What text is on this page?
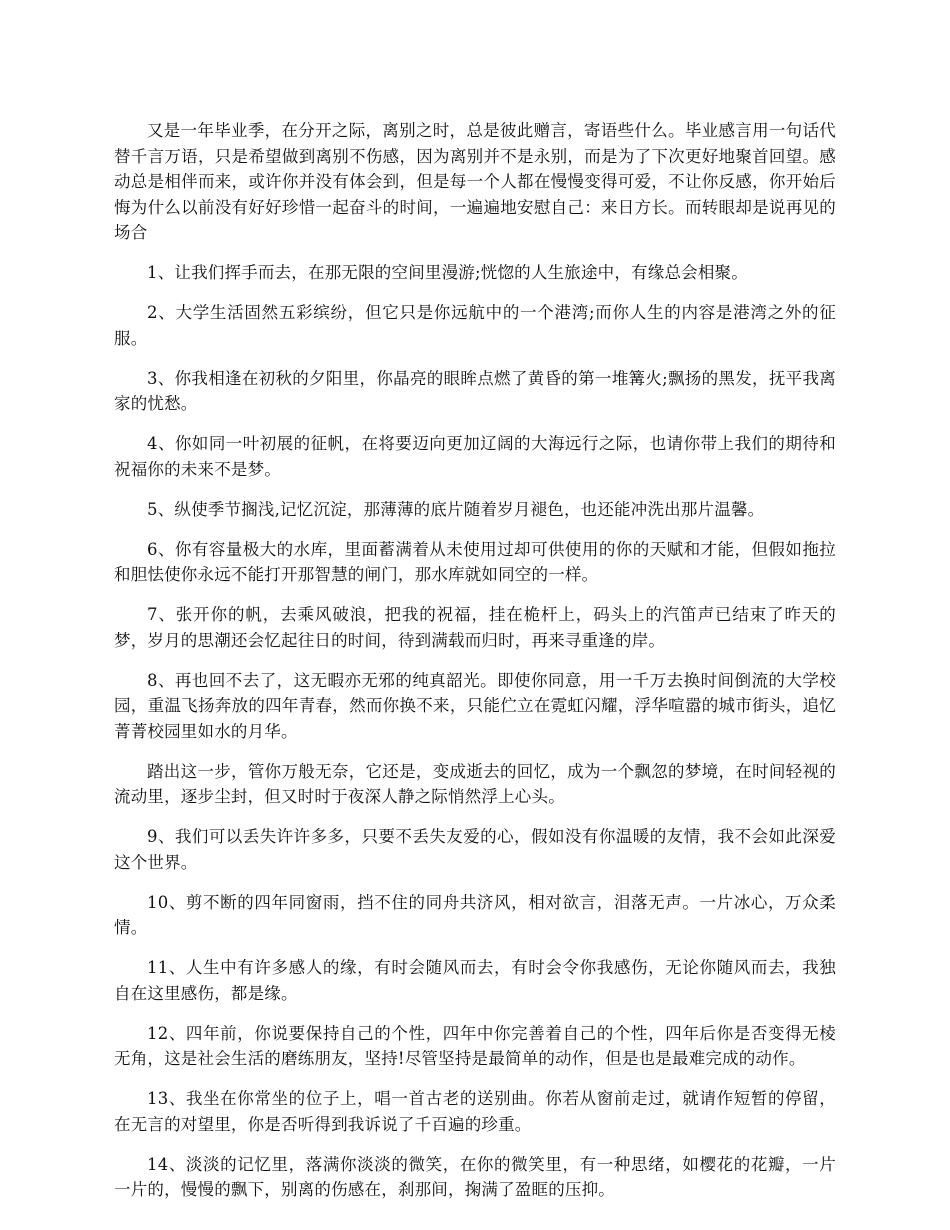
又是一年毕业季，在分开之际，离别之时，总是彼此赠言，寄语些什么。毕业感言用一句话代替千言万语，只是希望做到离别不伤感，因为离别并不是永别，而是为了下次更好地聚首回望。感动总是相伴而来，或许你并没有体会到，但是每一个人都在慢慢变得可爱，不让你反感，你开始后悔为什么以前没有好好珍惜一起奋斗的时间，一遍遍地安慰自己：来日方长。而转眼却是说再见的场合

1、让我们挥手而去，在那无限的空间里漫游;恍惚的人生旅途中，有缘总会相聚。

2、大学生活固然五彩缤纷，但它只是你远航中的一个港湾;而你人生的内容是港湾之外的征服。

3、你我相逢在初秋的夕阳里，你晶亮的眼眸点燃了黄昏的第一堆篝火;飘扬的黑发，抚平我离家的忧愁。

4、你如同一叶初展的征帆，在将要迈向更加辽阔的大海远行之际，也请你带上我们的期待和祝福你的未来不是梦。

5、纵使季节搁浅,记忆沉淀，那薄薄的底片随着岁月褪色，也还能冲洗出那片温馨。

6、你有容量极大的水库，里面蓄满着从未使用过却可供使用的你的天赋和才能，但假如拖拉和胆怯使你永远不能打开那智慧的闸门，那水库就如同空的一样。

7、张开你的帆，去乘风破浪，把我的祝福，挂在桅杆上，码头上的汽笛声已结束了昨天的梦，岁月的思潮还会忆起往日的时间，待到满载而归时，再来寻重逢的岸。

8、再也回不去了，这无暇亦无邪的纯真韶光。即使你同意，用一千万去换时间倒流的大学校园，重温飞扬奔放的四年青春，然而你换不来，只能伫立在霓虹闪耀，浮华喧嚣的城市街头，追忆菁菁校园里如水的月华。

踏出这一步，管你万般无奈，它还是，变成逝去的回忆，成为一个飘忽的梦境，在时间轻视的流动里，逐步尘封，但又时时于夜深人静之际悄然浮上心头。

9、我们可以丢失许许多多，只要不丢失友爱的心，假如没有你温暖的友情，我不会如此深爱这个世界。

10、剪不断的四年同窗雨，挡不住的同舟共济风，相对欲言，泪落无声。一片冰心，万众柔情。

11、人生中有许多感人的缘，有时会随风而去，有时会令你我感伤，无论你随风而去，我独自在这里感伤，都是缘。

12、四年前，你说要保持自己的个性，四年中你完善着自己的个性，四年后你是否变得无棱无角，这是社会生活的磨练朋友，坚持!尽管坚持是最简单的动作，但是也是最难完成的动作。

13、我坐在你常坐的位子上，唱一首古老的送别曲。你若从窗前走过，就请作短暂的停留，在无言的对望里，你是否听得到我诉说了千百遍的珍重。

14、淡淡的记忆里，落满你淡淡的微笑，在你的微笑里，有一种思绪，如樱花的花瓣，一片一片的，慢慢的飘下，别离的伤感在，刹那间，掬满了盈眶的压抑。
